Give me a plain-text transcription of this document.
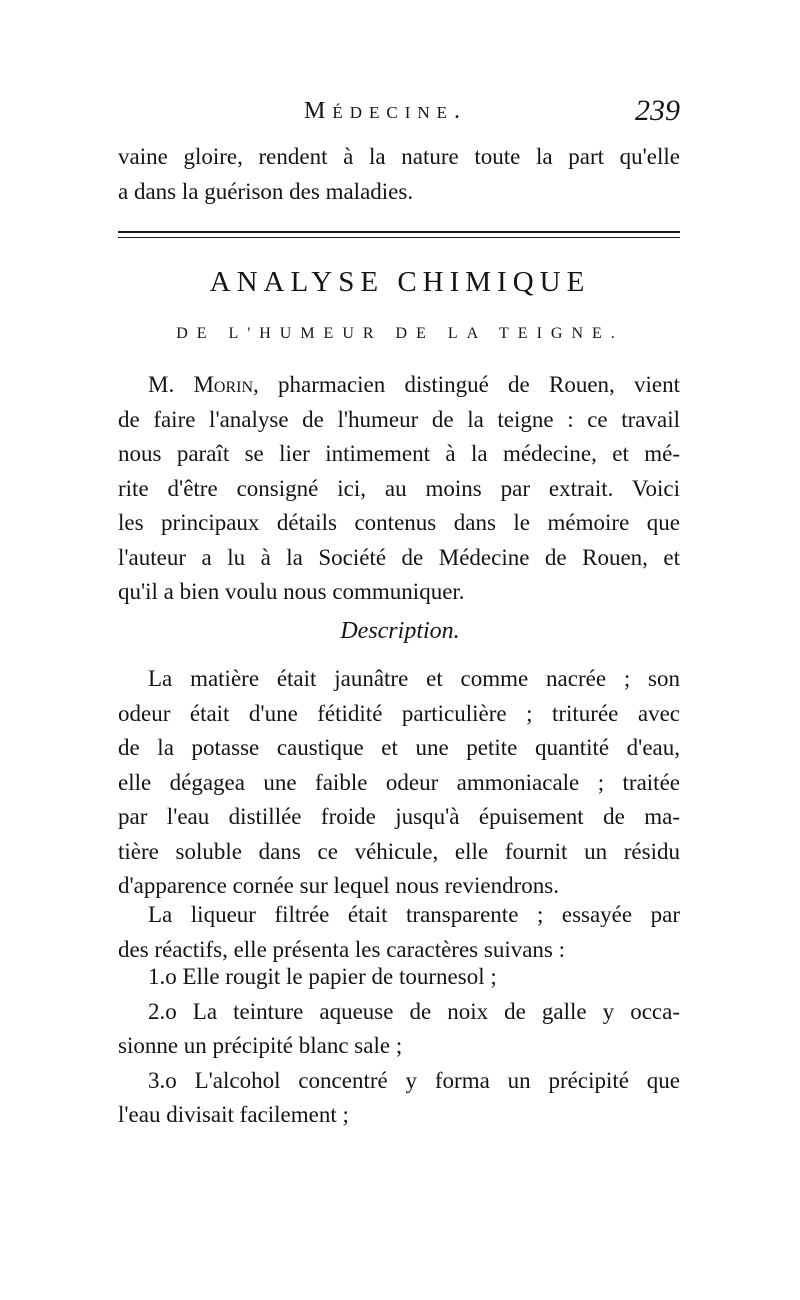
Médecine.	239
vaine gloire, rendent à la nature toute la part qu'elle
a dans la guérison des maladies.
ANALYSE CHIMIQUE
DE L'HUMEUR DE LA TEIGNE.
M. Morin, pharmacien distingué de Rouen, vient
de faire l'analyse de l'humeur de la teigne : ce travail
nous paraît se lier intimement à la médecine, et mé-
rite d'être consigné ici, au moins par extrait. Voici
les principaux détails contenus dans le mémoire que
l'auteur a lu à la Société de Médecine de Rouen, et
qu'il a bien voulu nous communiquer.
Description.
La matière était jaunâtre et comme nacrée ; son
odeur était d'une fétidité particulière ; triturée avec
de la potasse caustique et une petite quantité d'eau,
elle dégagea une faible odeur ammoniacale ; traitée
par l'eau distillée froide jusqu'à épuisement de ma-
tière soluble dans ce véhicule, elle fournit un résidu
d'apparence cornée sur lequel nous reviendrons.
La liqueur filtrée était transparente ; essayée par
des réactifs, elle présenta les caractères suivans :
1.o Elle rougit le papier de tournesol ;
2.o La teinture aqueuse de noix de galle y occa-
sionne un précipité blanc sale ;
3.o L'alcohol concentré y forma un précipité que
l'eau divisait facilement ;
